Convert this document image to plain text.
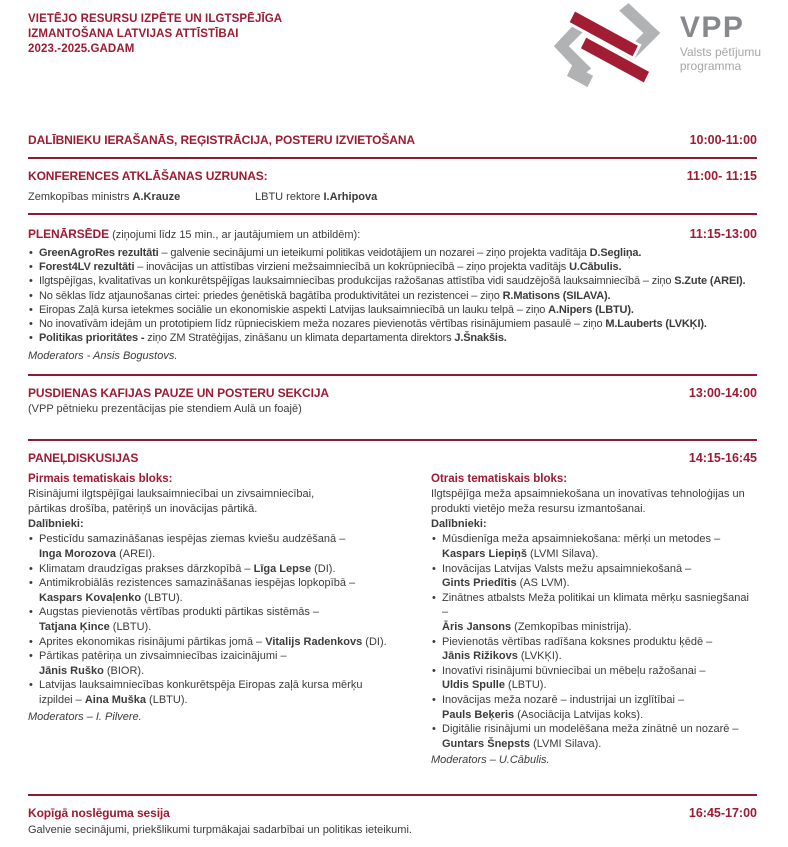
VIETĒJO RESURSU IZPĒTE UN ILGTSPĒJĪGA
IZMANTOŠANA LATVIJAS ATTĪSTĪBAI
2023.-2025.GADAM
VPP
Valsts pētījumu
programma
DALĪBNIEKU IERAŠANĀS, REĢISTRĀCIJA, POSTERU IZVIETOŠANA	10:00-11:00
KONFERENCES ATKLĀŠANAS UZRUNAS:	11:00- 11:15
Zemkopības ministrs A.Krauze	LBTU rektore I.Arhipova
PLENĀRSĒDE (ziņojumi līdz 15 min., ar jautājumiem un atbildēm):	11:15-13:00
• GreenAgroRes rezultāti – galvenie secinājumi un ieteikumi politikas veidotājiem un nozarei – ziņo projekta vadītāja D.Segliņa.
• Forest4LV rezultāti – inovācijas un attīstības virzieni mežsaimniecībā un kokrūpniecībā – ziņo projekta vadītājs U.Cābulis.
• Ilgtspējīgas, kvalitatīvas un konkurētspējīgas lauksaimniecības produkcijas ražošanas attīstība vidi saudzējošā lauksaimniecībā – ziņo S.Zute (AREI).
• No sēklas līdz atjaunošanas cirtei: priedes ģenētiskā bagātība produktivitātei un rezistencei – ziņo R.Matisons (SILAVA).
• Eiropas Zaļā kursa ietekmes sociālie un ekonomiskie aspekti Latvijas lauksaimniecībā un lauku telpā – ziņo A.Nipers (LBTU).
• No inovatīvām idejām un prototipiem līdz rūpnieciskiem meža nozares pievienotās vērtības risinājumiem pasaulē – ziņo M.Lauberts (LVKĶI).
• Politikas prioritātes - ziņo ZM Stratēģijas, zināšanu un klimata departamenta direktors J.Šnakšis.
Moderators - Ansis Bogustovs.
PUSDIENAS KAFIJAS PAUZE UN POSTERU SEKCIJA	13:00-14:00
(VPP pētnieku prezentācijas pie stendiem Aulā un foajē)
PANEĻDISKUSIJAS	14:15-16:45
Pirmais tematiskais bloks:
Risinājumi ilgtspējīgai lauksaimniecībai un zivsaimniecībai,
pārtikas drošība, patēriņš un inovācijas pārtikā.
Dalībnieki:
• Pesticīdu samazināšanas iespējas ziemas kviešu audzēšanā –
Inga Morozova (AREI).
• Klimatam draudzīgas prakses dārzkopībā – Līga Lepse (DI).
• Antimikrobiālās rezistences samazināšanas iespējas lopkopībā –
Kaspars Kovaļenko (LBTU).
• Augstas pievienotās vērtības produkti pārtikas sistēmās –
Tatjana Ķince (LBTU).
• Aprites ekonomikas risinājumi pārtikas jomā – Vitalijs Radenkovs (DI).
• Pārtikas patēriņa un zivsaimniecības izaicinājumi –
Jānis Ruško (BIOR).
• Latvijas lauksaimniecības konkurētspēja Eiropas zaļā kursa mērķu
izpildei – Aina Muška (LBTU).
Moderators – I. Pilvere.
Otrais tematiskais bloks:
Ilgtspējīga meža apsaimniekošana un inovatīvas tehnoloģijas un
produkti vietējo meža resursu izmantošanai.
Dalībnieki:
• Mūsdienīga meža apsaimniekošana: mērķi un metodes –
Kaspars Liepiņš (LVMI Silava).
• Inovācijas Latvijas Valsts mežu apsaimniekošanā –
Gints Priedītis (AS LVM).
• Zinātnes atbalsts Meža politikai un klimata mērķu sasniegšanai –
Āris Jansons (Zemkopības ministrija).
• Pievienotās vērtības radīšana koksnes produktu ķēdē –
Jānis Rižikovs (LVKĶI).
• Inovatīvi risinājumi būvniecībai un mēbeļu ražošanai –
Uldis Spulle (LBTU).
• Inovācijas meža nozarē – industrijai un izglītībai –
Pauls Beķeris (Asociācija Latvijas koks).
• Digitālie risinājumi un modelēšana meža zinātnē un nozarē –
Guntars Šnepsts (LVMI Silava).
Moderators – U.Cābulis.
Kopīgā noslēguma sesija	16:45-17:00
Galvenie secinājumi, priekšlikumi turpmākajai sadarbībai un politikas ieteikumi.
